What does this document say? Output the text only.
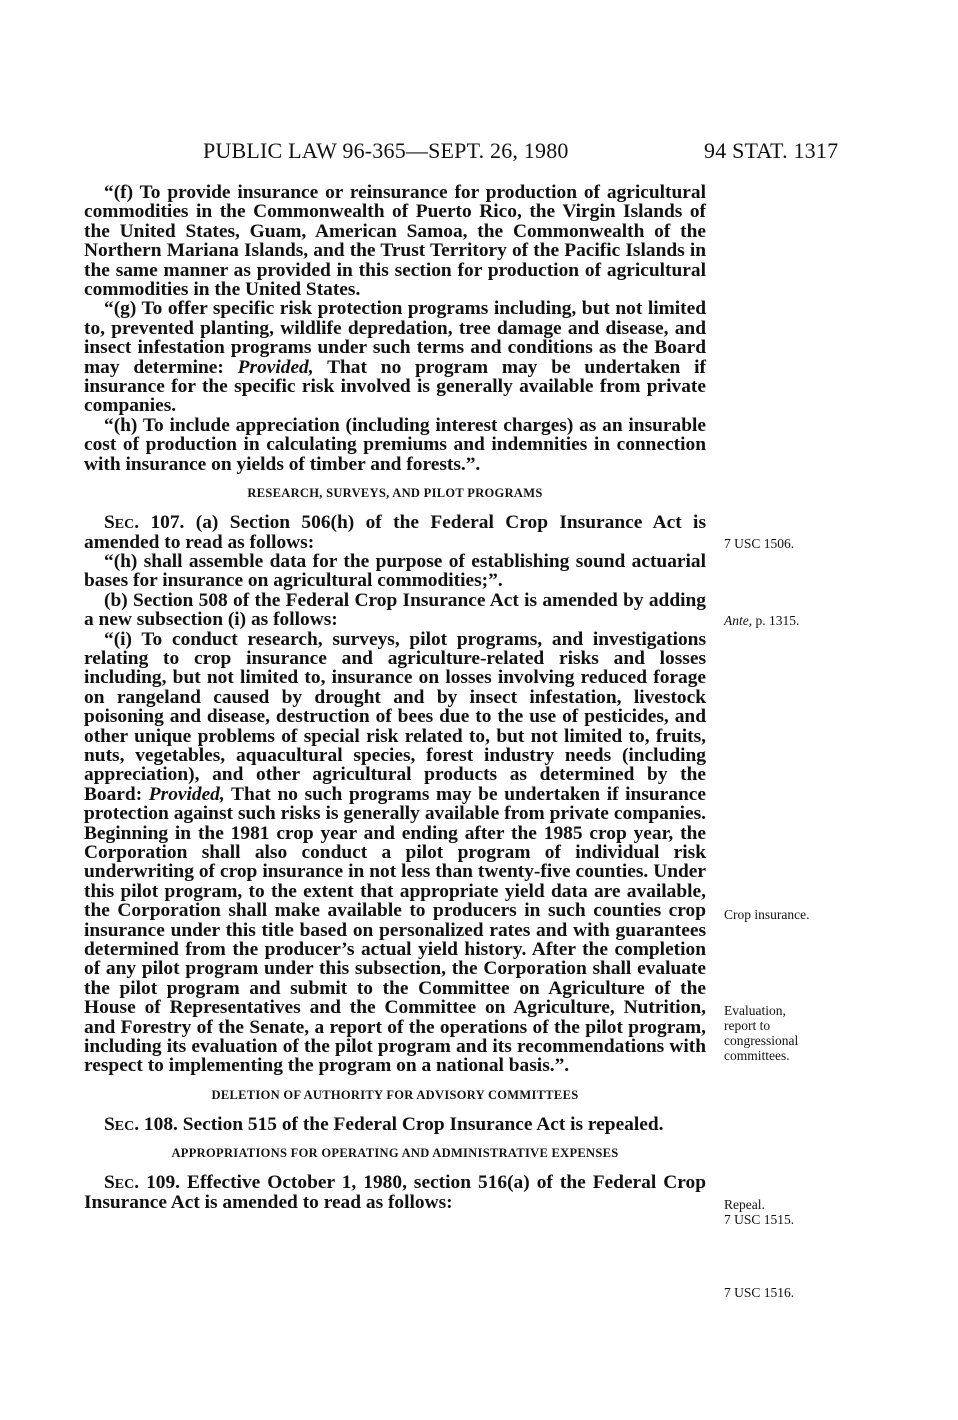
PUBLIC LAW 96-365—SEPT. 26, 1980	94 STAT. 1317

“(f) To provide insurance or reinsurance for production of agricultural commodities in the Commonwealth of Puerto Rico, the Virgin Islands of the United States, Guam, American Samoa, the Commonwealth of the Northern Mariana Islands, and the Trust Territory of the Pacific Islands in the same manner as provided in this section for production of agricultural commodities in the United States.

“(g) To offer specific risk protection programs including, but not limited to, prevented planting, wildlife depredation, tree damage and disease, and insect infestation programs under such terms and conditions as the Board may determine: Provided, That no program may be undertaken if insurance for the specific risk involved is generally available from private companies.

“(h) To include appreciation (including interest charges) as an insurable cost of production in calculating premiums and indemnities in connection with insurance on yields of timber and forests.”.

RESEARCH, SURVEYS, AND PILOT PROGRAMS

Sec. 107. (a) Section 506(h) of the Federal Crop Insurance Act is amended to read as follows:

“(h) shall assemble data for the purpose of establishing sound actuarial bases for insurance on agricultural commodities;”.

(b) Section 508 of the Federal Crop Insurance Act is amended by adding a new subsection (i) as follows:

“(i) To conduct research, surveys, pilot programs, and investigations relating to crop insurance and agriculture-related risks and losses including, but not limited to, insurance on losses involving reduced forage on rangeland caused by drought and by insect infestation, livestock poisoning and disease, destruction of bees due to the use of pesticides, and other unique problems of special risk related to, but not limited to, fruits, nuts, vegetables, aquacultural species, forest industry needs (including appreciation), and other agricultural products as determined by the Board: Provided, That no such programs may be undertaken if insurance protection against such risks is generally available from private companies. Beginning in the 1981 crop year and ending after the 1985 crop year, the Corporation shall also conduct a pilot program of individual risk underwriting of crop insurance in not less than twenty-five counties. Under this pilot program, to the extent that appropriate yield data are available, the Corporation shall make available to producers in such counties crop insurance under this title based on personalized rates and with guarantees determined from the producer’s actual yield history. After the completion of any pilot program under this subsection, the Corporation shall evaluate the pilot program and submit to the Committee on Agriculture of the House of Representatives and the Committee on Agriculture, Nutrition, and Forestry of the Senate, a report of the operations of the pilot program, including its evaluation of the pilot program and its recommendations with respect to implementing the program on a national basis.”.

DELETION OF AUTHORITY FOR ADVISORY COMMITTEES

Sec. 108. Section 515 of the Federal Crop Insurance Act is repealed.

APPROPRIATIONS FOR OPERATING AND ADMINISTRATIVE EXPENSES

Sec. 109. Effective October 1, 1980, section 516(a) of the Federal Crop Insurance Act is amended to read as follows:

7 USC 1506.
Ante, p. 1315.
Crop insurance.
Evaluation,
report to
congressional
committees.
Repeal.
7 USC 1515.
7 USC 1516.
